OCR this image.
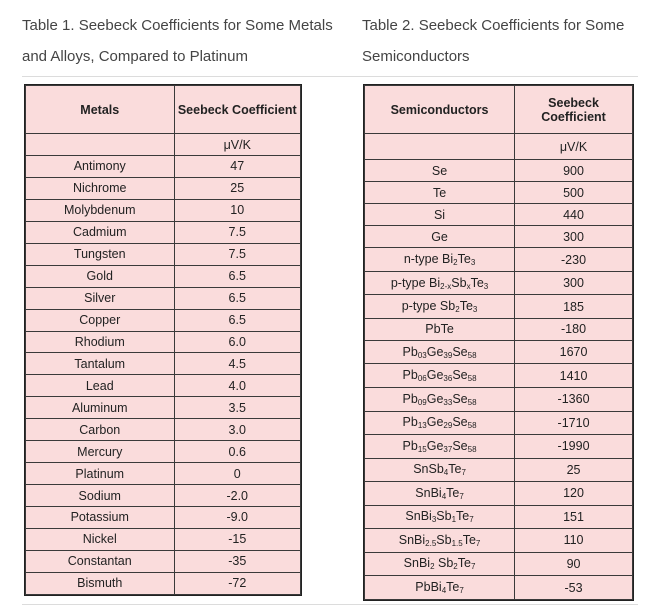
Table 1. Seebeck Coefficients for Some Metals and Alloys, Compared to Platinum
Table 2. Seebeck Coefficients for Some Semiconductors
Metals	Seebeck Coefficient
	μV/K
Antimony	47
Nichrome	25
Molybdenum	10
Cadmium	7.5
Tungsten	7.5
Gold	6.5
Silver	6.5
Copper	6.5
Rhodium	6.0
Tantalum	4.5
Lead	4.0
Aluminum	3.5
Carbon	3.0
Mercury	0.6
Platinum	0
Sodium	-2.0
Potassium	-9.0
Nickel	-15
Constantan	-35
Bismuth	-72
Semiconductors	Seebeck Coefficient
	μV/K
Se	900
Te	500
Si	440
Ge	300
n-type $Bi_2Te_3$	-230
p-type $Bi_{2-x}Sb_xTe_3$	300
p-type $Sb_2Te_3$	185
PbTe	-180
$Pb_{03}Ge_{39}Se_{58}$	1670
$Pb_{06}Ge_{36}Se_{58}$	1410
$Pb_{09}Ge_{33}Se_{58}$	-1360
$Pb_{13}Ge_{29}Se_{58}$	-1710
$Pb_{15}Ge_{37}Se_{58}$	-1990
$SnSb_4Te_7$	25
$SnBi_4Te_7$	120
$SnBi_3Sb_1Te_7$	151
$SnBi_{2.5}Sb_{1.5}Te_7$	110
SnBi$_2$ $Sb_2Te_7$	90
$PbBi_4Te_7$	-53
